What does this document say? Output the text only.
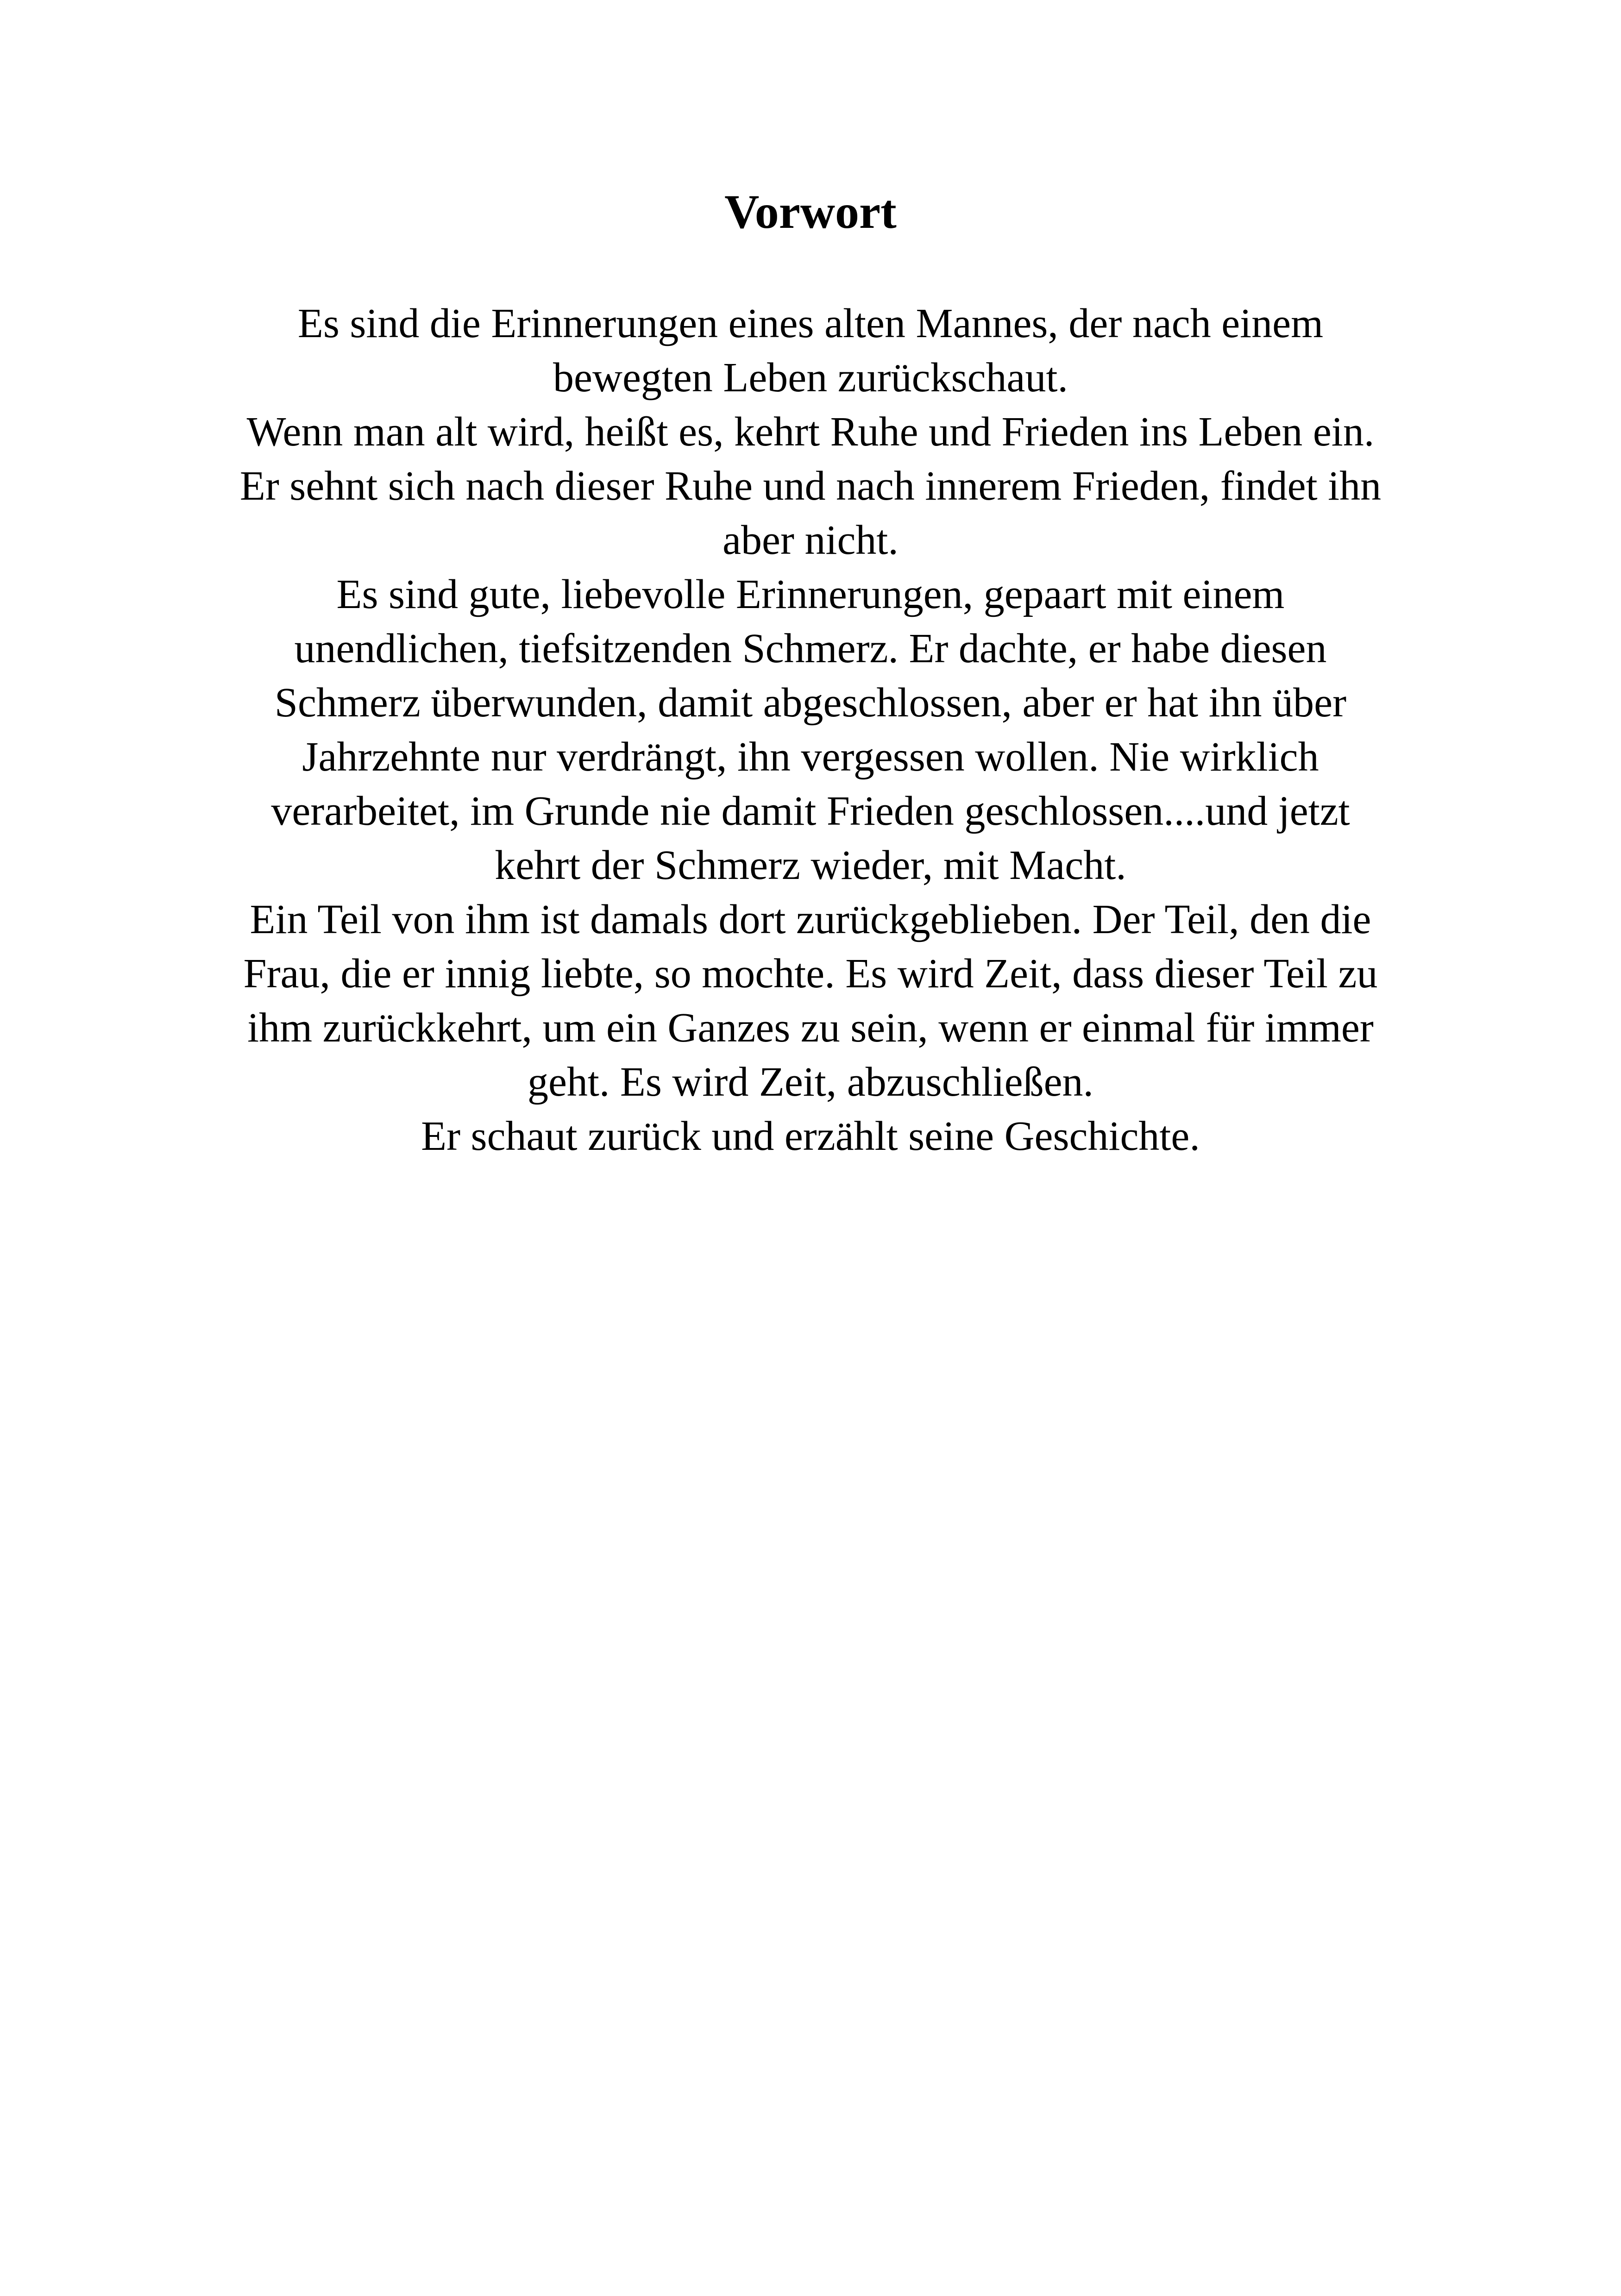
Vorwort
Es sind die Erinnerungen eines alten Mannes, der nach einem
bewegten Leben zurückschaut.
Wenn man alt wird, heißt es, kehrt Ruhe und Frieden ins Leben ein.
Er sehnt sich nach dieser Ruhe und nach innerem Frieden, findet ihn
aber nicht.
Es sind gute, liebevolle Erinnerungen, gepaart mit einem
unendlichen, tiefsitzenden Schmerz. Er dachte, er habe diesen
Schmerz überwunden, damit abgeschlossen, aber er hat ihn über
Jahrzehnte nur verdrängt, ihn vergessen wollen. Nie wirklich
verarbeitet, im Grunde nie damit Frieden geschlossen....und jetzt
kehrt der Schmerz wieder, mit Macht.
Ein Teil von ihm ist damals dort zurückgeblieben. Der Teil, den die
Frau, die er innig liebte, so mochte. Es wird Zeit, dass dieser Teil zu
ihm zurückkehrt, um ein Ganzes zu sein, wenn er einmal für immer
geht. Es wird Zeit, abzuschließen.
Er schaut zurück und erzählt seine Geschichte.
